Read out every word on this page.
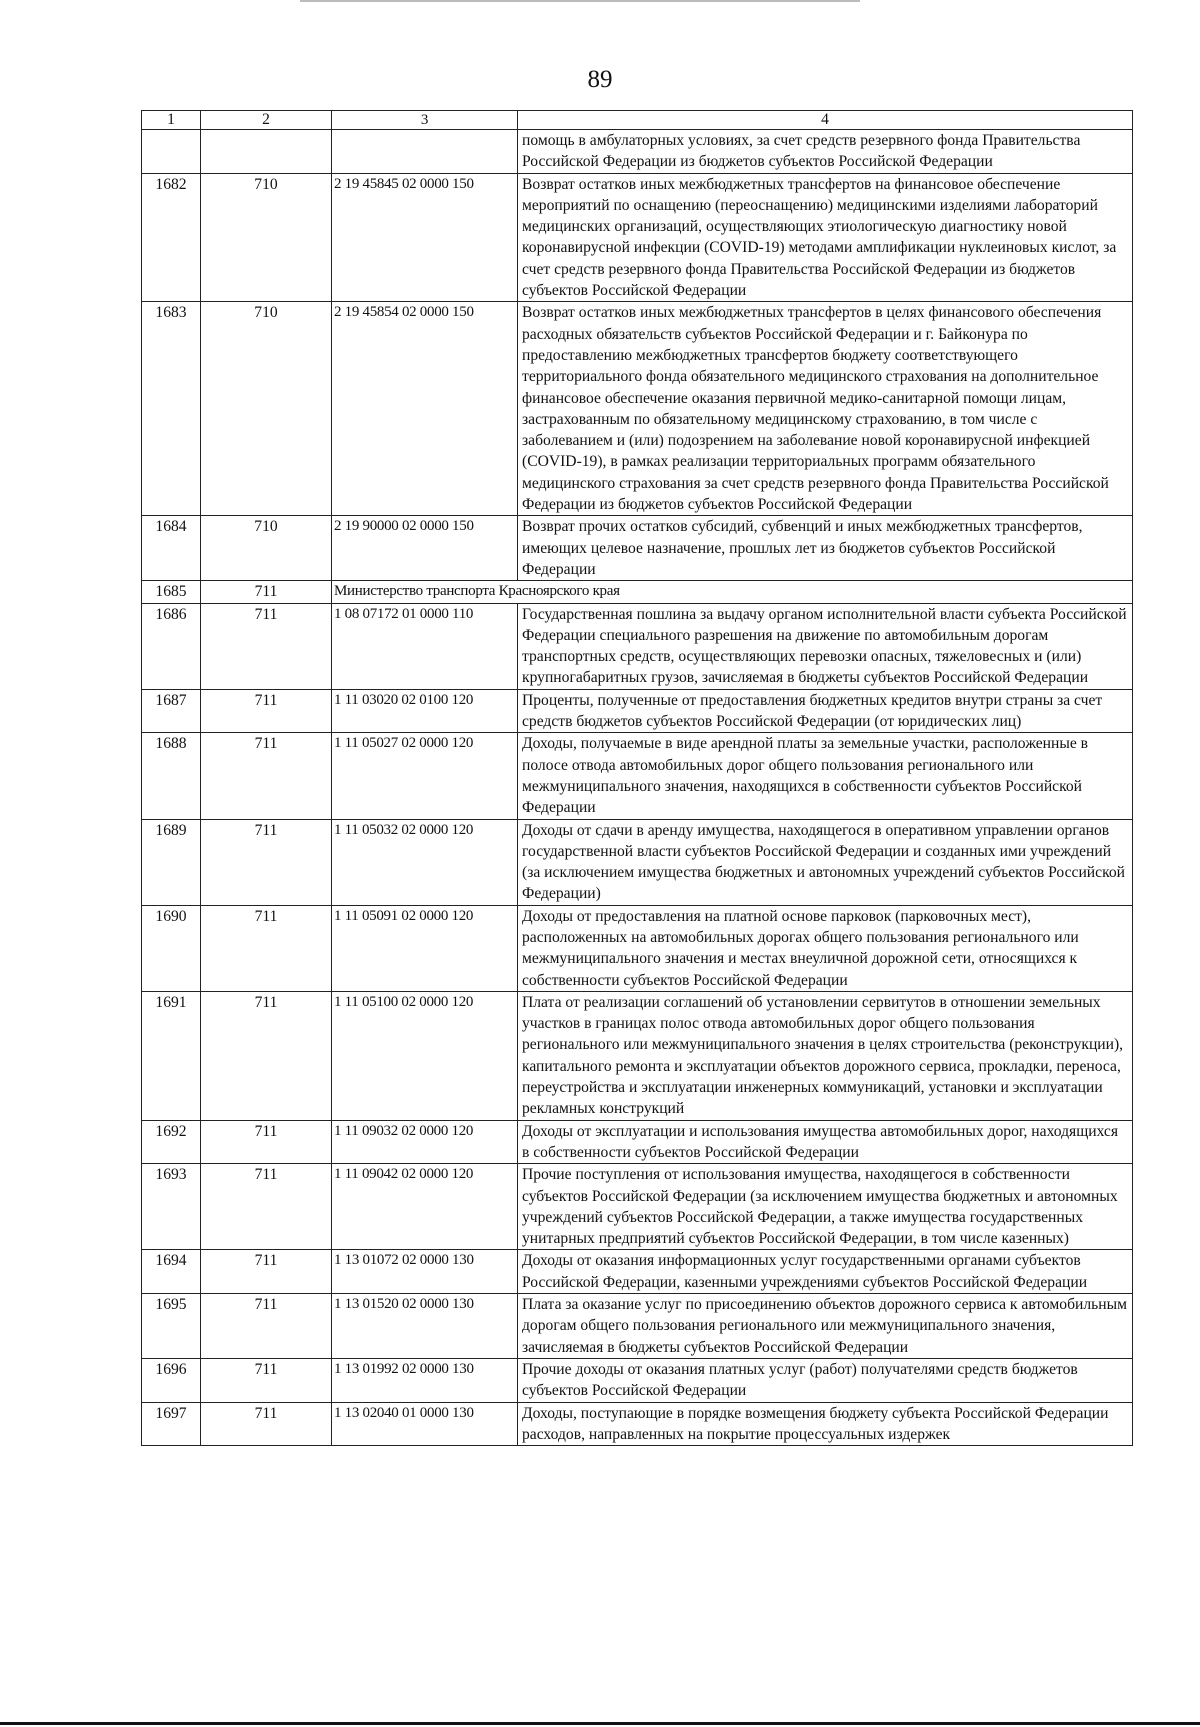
89
1	2	3	4
			помощь в амбулаторных условиях, за счет средств резервного фонда Правительства Российской Федерации из бюджетов субъектов Российской Федерации
1682	710	2 19 45845 02 0000 150	Возврат остатков иных межбюджетных трансфертов на финансовое обеспечение мероприятий по оснащению (переоснащению) медицинскими изделиями лабораторий медицинских организаций, осуществляющих этиологическую диагностику новой коронавирусной инфекции (COVID-19) методами амплификации нуклеиновых кислот, за счет средств резервного фонда Правительства Российской Федерации из бюджетов субъектов Российской Федерации
1683	710	2 19 45854 02 0000 150	Возврат остатков иных межбюджетных трансфертов в целях финансового обеспечения расходных обязательств субъектов Российской Федерации и г. Байконура по предоставлению межбюджетных трансфертов бюджету соответствующего территориального фонда обязательного медицинского страхования на дополнительное финансовое обеспечение оказания первичной медико-санитарной помощи лицам, застрахованным по обязательному медицинскому страхованию, в том числе с заболеванием и (или) подозрением на заболевание новой коронавирусной инфекцией (COVID-19), в рамках реализации территориальных программ обязательного медицинского страхования за счет средств резервного фонда Правительства Российской Федерации из бюджетов субъектов Российской Федерации
1684	710	2 19 90000 02 0000 150	Возврат прочих остатков субсидий, субвенций и иных межбюджетных трансфертов, имеющих целевое назначение, прошлых лет из бюджетов субъектов Российской Федерации
1685	711	Министерство транспорта Красноярского края	
1686	711	1 08 07172 01 0000 110	Государственная пошлина за выдачу органом исполнительной власти субъекта Российской Федерации специального разрешения на движение по автомобильным дорогам транспортных средств, осуществляющих перевозки опасных, тяжеловесных и (или) крупногабаритных грузов, зачисляемая в бюджеты субъектов Российской Федерации
1687	711	1 11 03020 02 0100 120	Проценты, полученные от предоставления бюджетных кредитов внутри страны за счет средств бюджетов субъектов Российской Федерации (от юридических лиц)
1688	711	1 11 05027 02 0000 120	Доходы, получаемые в виде арендной платы за земельные участки, расположенные в полосе отвода автомобильных дорог общего пользования регионального или межмуниципального значения, находящихся в собственности субъектов Российской Федерации
1689	711	1 11 05032 02 0000 120	Доходы от сдачи в аренду имущества, находящегося в оперативном управлении органов государственной власти субъектов Российской Федерации и созданных ими учреждений (за исключением имущества бюджетных и автономных учреждений субъектов Российской Федерации)
1690	711	1 11 05091 02 0000 120	Доходы от предоставления на платной основе парковок (парковочных мест), расположенных на автомобильных дорогах общего пользования регионального или межмуниципального значения и местах внеуличной дорожной сети, относящихся к собственности субъектов Российской Федерации
1691	711	1 11 05100 02 0000 120	Плата от реализации соглашений об установлении сервитутов в отношении земельных участков в границах полос отвода автомобильных дорог общего пользования регионального или межмуниципального значения в целях строительства (реконструкции), капитального ремонта и эксплуатации объектов дорожного сервиса, прокладки, переноса, переустройства и эксплуатации инженерных коммуникаций, установки и эксплуатации рекламных конструкций
1692	711	1 11 09032 02 0000 120	Доходы от эксплуатации и использования имущества автомобильных дорог, находящихся в собственности субъектов Российской Федерации
1693	711	1 11 09042 02 0000 120	Прочие поступления от использования имущества, находящегося в собственности субъектов Российской Федерации (за исключением имущества бюджетных и автономных учреждений субъектов Российской Федерации, а также имущества государственных унитарных предприятий субъектов Российской Федерации, в том числе казенных)
1694	711	1 13 01072 02 0000 130	Доходы от оказания информационных услуг государственными органами субъектов Российской Федерации, казенными учреждениями субъектов Российской Федерации
1695	711	1 13 01520 02 0000 130	Плата за оказание услуг по присоединению объектов дорожного сервиса к автомобильным дорогам общего пользования регионального или межмуниципального значения, зачисляемая в бюджеты субъектов Российской Федерации
1696	711	1 13 01992 02 0000 130	Прочие доходы от оказания платных услуг (работ) получателями средств бюджетов субъектов Российской Федерации
1697	711	1 13 02040 01 0000 130	Доходы, поступающие в порядке возмещения бюджету субъекта Российской Федерации расходов, направленных на покрытие процессуальных издержек
